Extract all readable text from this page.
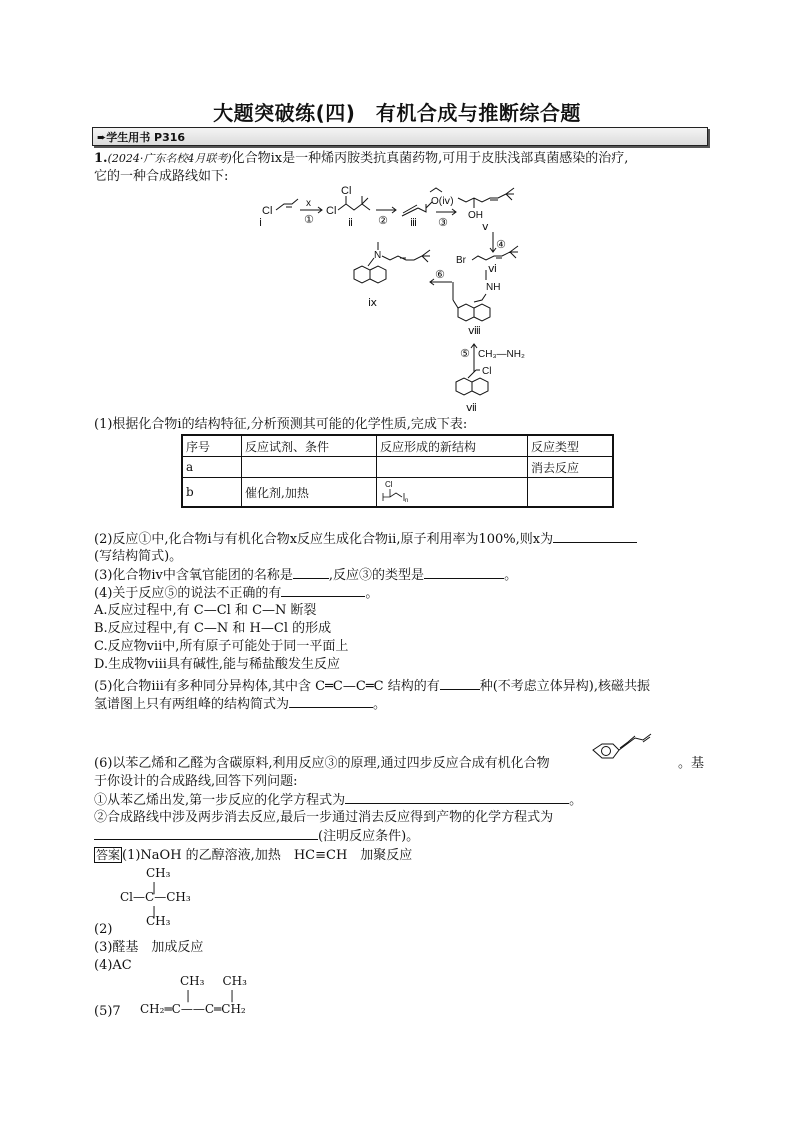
大题突破练(四)　有机合成与推断综合题
➨学生用书 P316
1.(2024·广东名校4月联考)化合物ⅸ是一种烯丙胺类抗真菌药物,可用于皮肤浅部真菌感染的治疗,
它的一种合成路线如下:
Cl
ⅰ
x
①
Cl
Cl
ⅱ ② ⅲ
O(ⅳ)
③
OH
ⅴ
④
Br
ⅵ
⑥
N
ⅸ
NH
ⅷ
⑤ CH₃—NH₂
Cl
ⅶ
(1)根据化合物ⅰ的结构特征,分析预测其可能的化学性质,完成下表:
序号	反应试剂、条件	反应形成的新结构	反应类型
a			消去反应
b	催化剂,加热	Cl
n	

(2)反应①中,化合物ⅰ与有机化合物x反应生成化合物ⅱ,原子利用率为100%,则x为
(写结构简式)。
(3)化合物ⅳ中含氧官能团的名称是	,反应③的类型是	。
(4)关于反应⑤的说法不正确的有	。
A.反应过程中,有 C—Cl 和 C—N 断裂
B.反应过程中,有 C—N 和 H—Cl 的形成
C.反应物ⅶ中,所有原子可能处于同一平面上
D.生成物ⅷ具有碱性,能与稀盐酸发生反应
(5)化合物ⅲ有多种同分异构体,其中含 C═C—C═C 结构的有	种(不考虑立体异构),核磁共振
氢谱图上只有两组峰的结构简式为	。
(6)以苯乙烯和乙醛为含碳原料,利用反应③的原理,通过四步反应合成有机化合物	。基
于你设计的合成路线,回答下列问题:
①从苯乙烯出发,第一步反应的化学方程式为	。
②合成路线中涉及两步消去反应,最后一步通过消去反应得到产物的化学方程式为
(注明反应条件)。
答案 (1)NaOH 的乙醇溶液,加热　HC≡CH　加聚反应
CH₃
|
Cl—C—CH₃
|
CH₃
(2)
(3)醛基　加成反应
(4)AC
CH₃ CH₃
|	|
CH₂═C——C═CH₂
(5)7
